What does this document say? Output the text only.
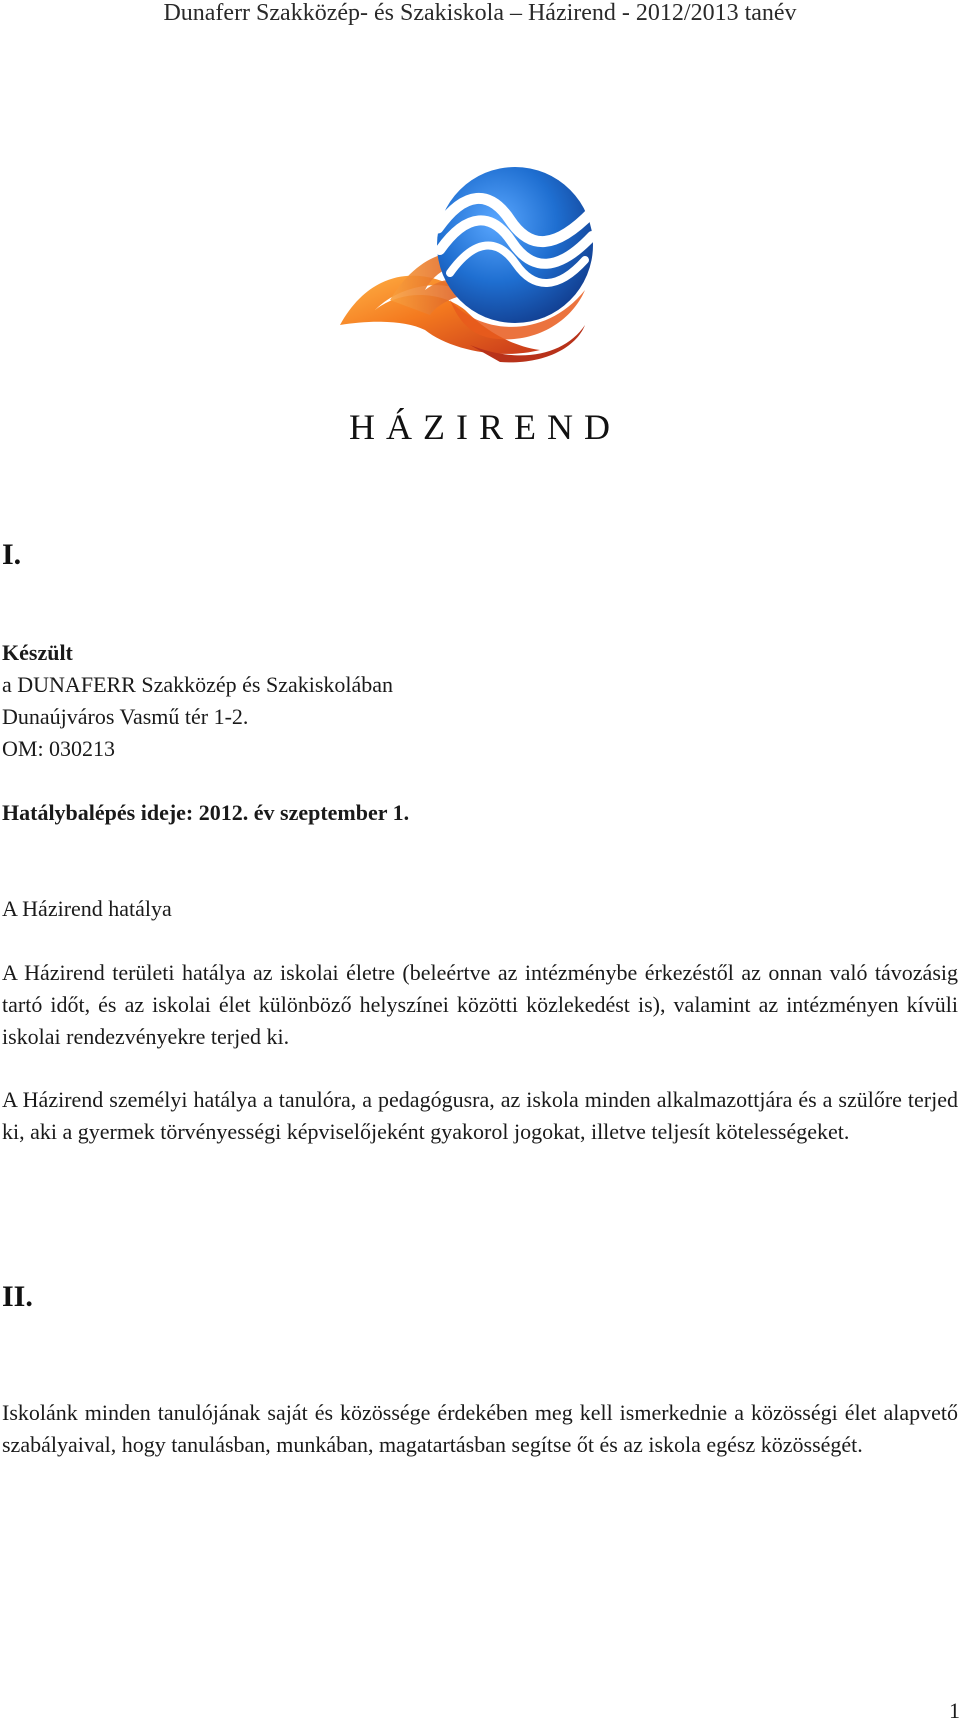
Dunaferr Szakközép- és Szakiskola – Házirend - 2012/2013 tanév
H Á Z I R E N D
I.
Készült
a DUNAFERR Szakközép és Szakiskolában
Dunaújváros Vasmű tér 1-2.
OM: 030213
Hatálybalépés ideje: 2012. év szeptember 1.
A Házirend hatálya
A Házirend területi hatálya az iskolai életre (beleértve az intézménybe érkezéstől az onnan való távozásig tartó időt, és az iskolai élet különböző helyszínei közötti közlekedést is), valamint az intézményen kívüli iskolai rendezvényekre terjed ki.
A Házirend személyi hatálya a tanulóra, a pedagógusra, az iskola minden alkalmazottjára és a szülőre terjed ki, aki a gyermek törvényességi képviselőjeként gyakorol jogokat, illetve teljesít kötelességeket.
II.
Iskolánk minden tanulójának saját és közössége érdekében meg kell ismerkednie a közösségi élet alapvető szabályaival, hogy tanulásban, munkában, magatartásban segítse őt és az iskola egész közösségét.
1
